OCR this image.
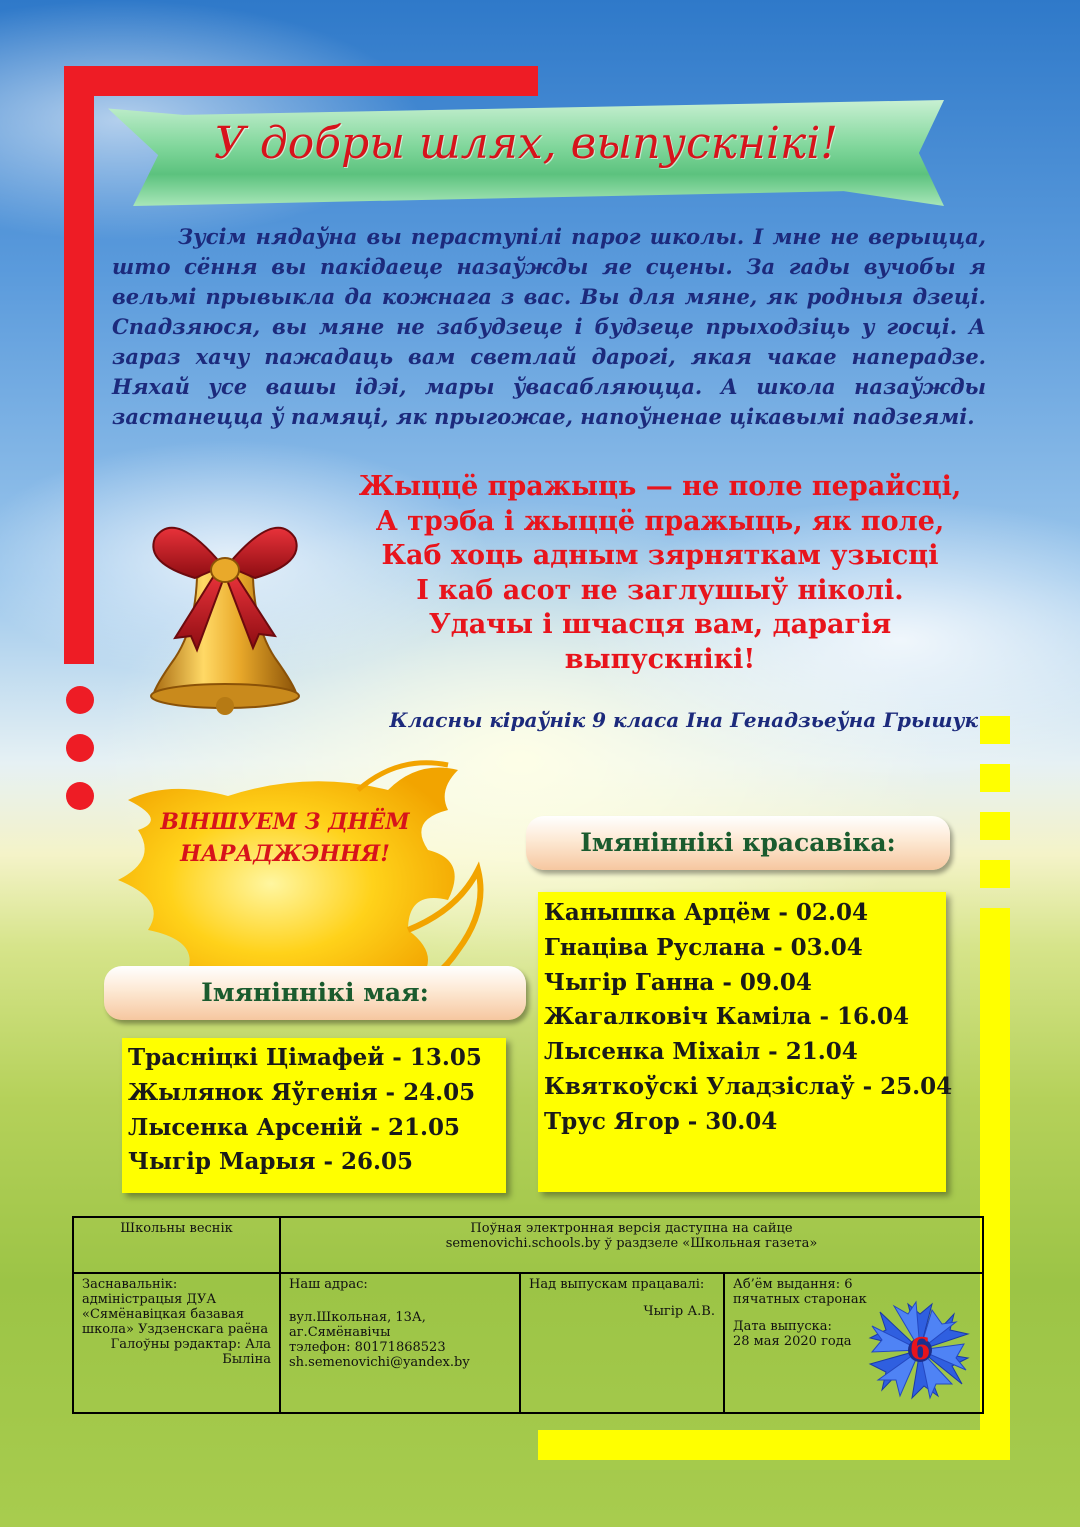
У добры шлях, выпускнікі!

Зусім нядаўна вы пераступілі парог школы. І мне не верыцца, што сёння вы пакідаеце назаўжды яе сцены. За гады вучобы я вельмі прывыкла да кожнага з вас. Вы для мяне, як родныя дзеці. Спадзяюся, вы мяне не забудзеце і будзеце прыходзіць у госці. А зараз хачу пажадаць вам светлай дарогі, якая чакае наперадзе. Няхай усе вашы ідэі, мары ўвасабляюцца. А школа назаўжды застанецца ў памяці, як прыгожае, напоўненае цікавымі падзеямі.

Жыццё пражыць — не поле перайсці,
А трэба і жыццё пражыць, як поле,
Каб хоць адным зярняткам узысці
І каб асот не заглушыў ніколі.
Удачы і шчасця вам, дарагія
выпускнікі!
Класны кіраўнік 9 класа Іна Генадзьеўна Грышук
ВІНШУЕМ З ДНЁМ
НАРАДЖЭННЯ!	Імяніннікі красавіка:
Канышка Арцём - 02.04
Гнаціва Руслана - 03.04
Чыгір Ганна - 09.04
Жагалковіч Каміла - 16.04
Лысенка Міхаіл - 21.04
Квяткоўскі Уладзіслаў - 25.04
Трус Ягор - 30.04
Імяніннікі мая:
Трасніцкі Цімафей - 13.05
Жылянок Яўгенія - 24.05
Лысенка Арсеній - 21.05
Чыгір Марыя - 26.05
Школьны веснік	Поўная электронная версія даступна на сайце
semenovichi.schools.by ў раздзеле «Школьная газета»		

Заснавальнік: адміністрацыя ДУА «Сямёнавіцкая базавая школа» Уздзенскага раёна
Галоўны рэдактар: Ала Быліна	Наш адрас:
вул.Школьная, 13А,
аг.Сямёнавічы
тэлефон: 80171868523
sh.semenovichi@yandex.by	Над выпускам працавалі:
Чыгір А.В.	Аб’ём выдання: 6 пячатных старонак
Дата выпуска:
28 мая 2020 года	6
